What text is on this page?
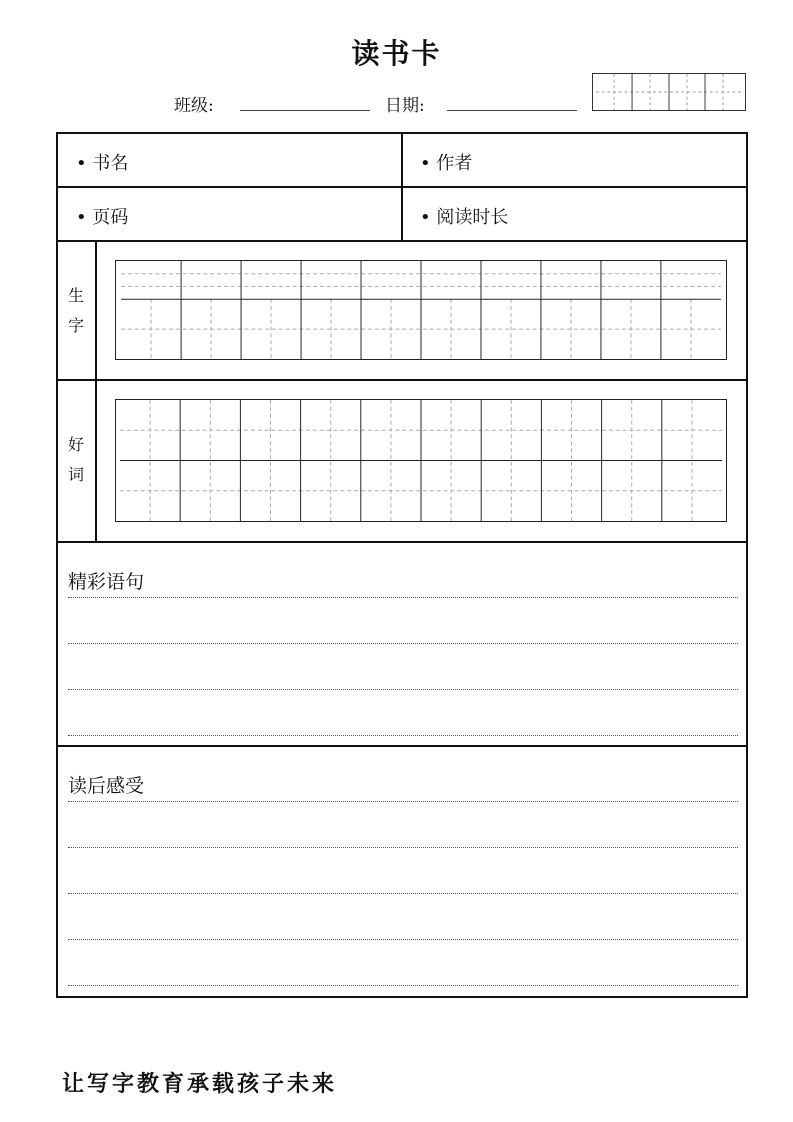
读书卡
班级:	日期:
• 书名	• 作者
• 页码	• 阅读时长
生字
好词
精彩语句
读后感受
让写字教育承载孩子未来
